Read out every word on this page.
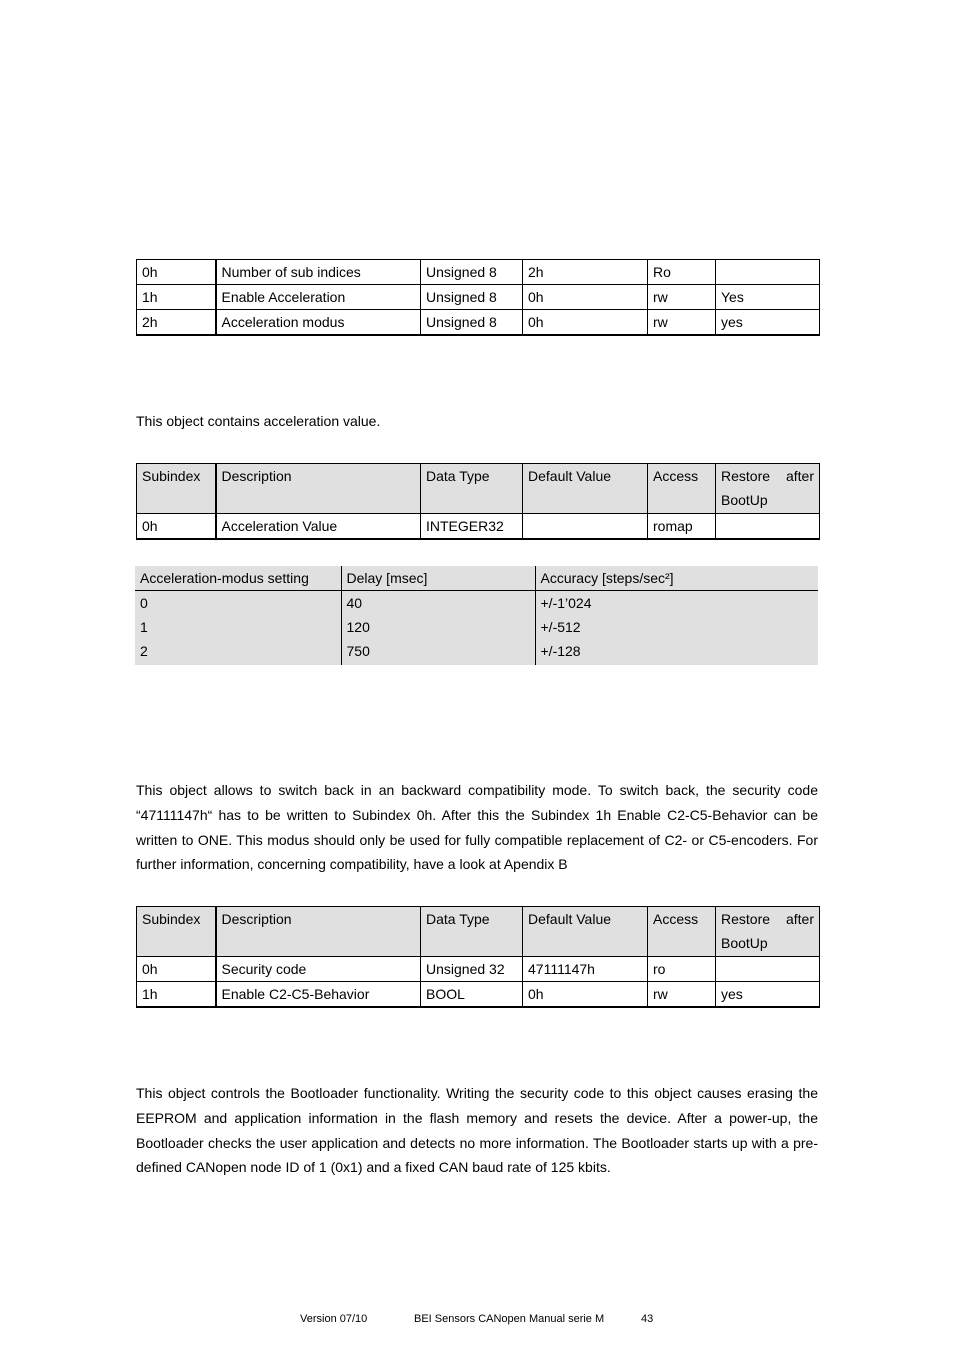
0h	Number of sub indices	Unsigned 8	2h	Ro	
1h	Enable Acceleration	Unsigned 8	0h	rw	Yes
2h	Acceleration modus	Unsigned 8	0h	rw	yes
This object contains acceleration value.
Subindex	Description	Data Type	Default Value	Access	Restore after BootUp
0h	Acceleration Value	INTEGER32		romap	
Acceleration-modus setting	Delay [msec]	Accuracy [steps/sec²]
0	40	+/-1’024
1	120	+/-512
2	750	+/-128
This object allows to switch back in an backward compatibility mode. To switch back, the security code “47111147h“ has to be written to Subindex 0h. After this the Subindex 1h Enable C2-C5-Behavior can be written to ONE. This modus should only be used for fully compatible replacement of C2- or C5-encoders. For further information, concerning compatibility, have a look at Apendix B
Subindex	Description	Data Type	Default Value	Access	Restore after BootUp
0h	Security code	Unsigned 32	47111147h	ro	
1h	Enable C2-C5-Behavior	BOOL	0h	rw	yes
This object controls the Bootloader functionality. Writing the security code to this object causes erasing the EEPROM and application information in the flash memory and resets the device. After a power-up, the Bootloader checks the user application and detects no more information. The Bootloader starts up with a pre-defined CANopen node ID of 1 (0x1) and a fixed CAN baud rate of 125 kbits.
Version 07/10	BEI Sensors CANopen Manual serie M	43
